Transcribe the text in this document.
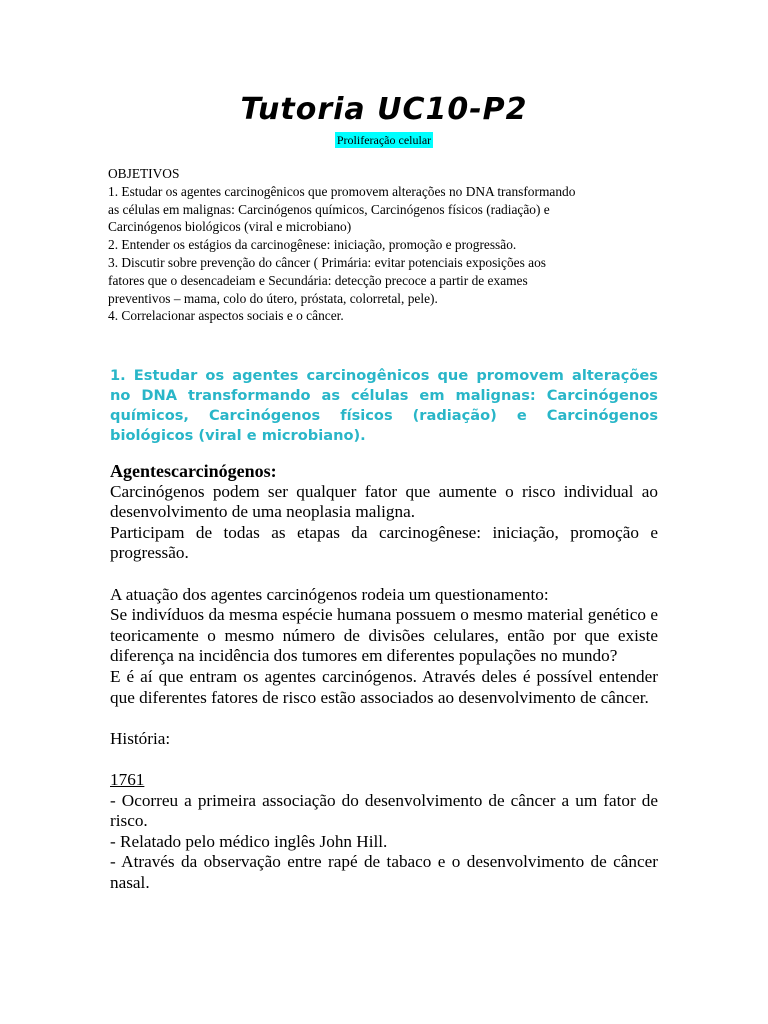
Tutoria UC10-P2
Proliferação celular
OBJETIVOS
1. Estudar os agentes carcinogênicos que promovem alterações no DNA transformando
as células em malignas: Carcinógenos químicos, Carcinógenos físicos (radiação) e
Carcinógenos biológicos (viral e microbiano)
2. Entender os estágios da carcinogênese: iniciação, promoção e progressão.
3. Discutir sobre prevenção do câncer ( Primária: evitar potenciais exposições aos
fatores que o desencadeiam e Secundária: detecção precoce a partir de exames
preventivos – mama, colo do útero, próstata, colorretal, pele).
4. Correlacionar aspectos sociais e o câncer.
1. Estudar os agentes carcinogênicos que promovem alterações no DNA transformando as células em malignas: Carcinógenos químicos, Carcinógenos físicos (radiação) e Carcinógenos biológicos (viral e microbiano).

Agentescarcinógenos:

Carcinógenos podem ser qualquer fator que aumente o risco individual ao desenvolvimento de uma neoplasia maligna.

Participam de todas as etapas da carcinogênese: iniciação, promoção e progressão.

A atuação dos agentes carcinógenos rodeia um questionamento:

Se indivíduos da mesma espécie humana possuem o mesmo material genético e teoricamente o mesmo número de divisões celulares, então por que existe diferença na incidência dos tumores em diferentes populações no mundo?

E é aí que entram os agentes carcinógenos. Através deles é possível entender que diferentes fatores de risco estão associados ao desenvolvimento de câncer.

História:

1761

- Ocorreu a primeira associação do desenvolvimento de câncer a um fator de risco.

- Relatado pelo médico inglês John Hill.

- Através da observação entre rapé de tabaco e o desenvolvimento de câncer nasal.
